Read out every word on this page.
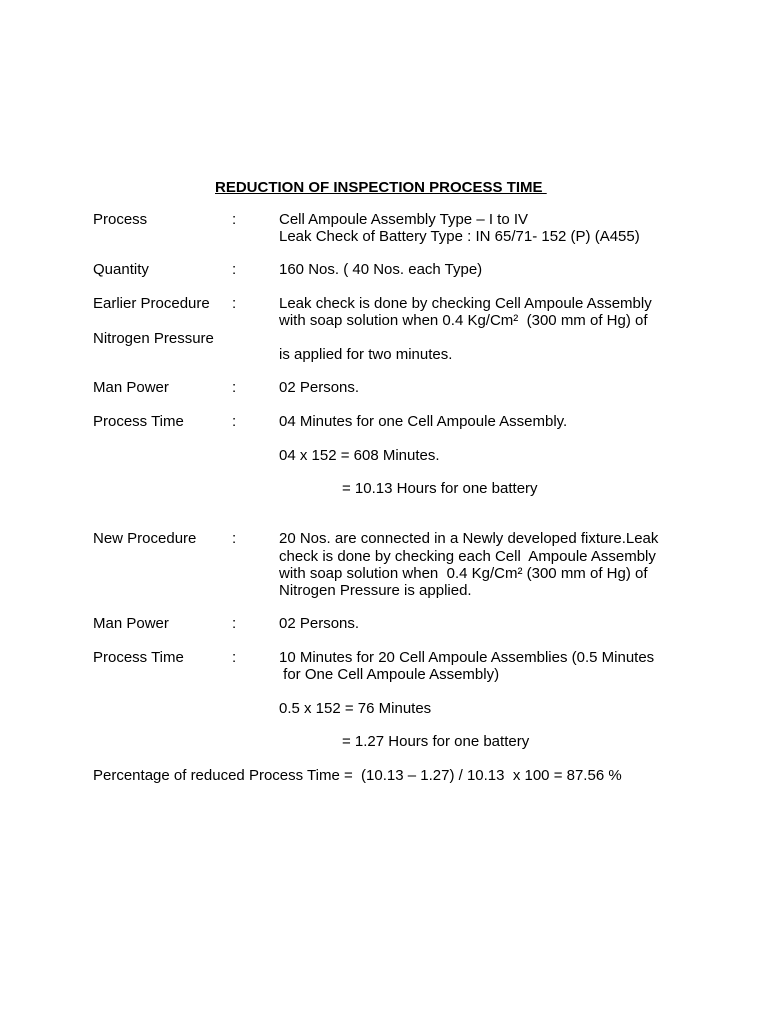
REDUCTION OF INSPECTION PROCESS TIME
Process	:	Cell Ampoule Assembly Type – I to IV
Leak Check of Battery Type : IN 65/71- 152 (P) (A455)
Quantity	:	160 Nos. ( 40 Nos. each Type)
Earlier Procedure :	Leak check is done by checking Cell Ampoule Assembly
with soap solution when 0.4 Kg/Cm²  (300 mm of Hg) of
Nitrogen Pressure
is applied for two minutes.
Man Power	:	02 Persons.
Process Time	:	04 Minutes for one Cell Ampoule Assembly.
04 x 152 = 608 Minutes.
= 10.13 Hours for one battery
New Procedure :	20 Nos. are connected in a Newly developed fixture.Leak
check is done by checking each Cell  Ampoule Assembly
with soap solution when  0.4 Kg/Cm² (300 mm of Hg) of
Nitrogen Pressure is applied.
Man Power	:	02 Persons.
Process Time	:	10 Minutes for 20 Cell Ampoule Assemblies (0.5 Minutes
for One Cell Ampoule Assembly)
0.5 x 152 = 76 Minutes
= 1.27 Hours for one battery
Percentage of reduced Process Time =  (10.13 – 1.27) / 10.13  x 100 = 87.56 %
